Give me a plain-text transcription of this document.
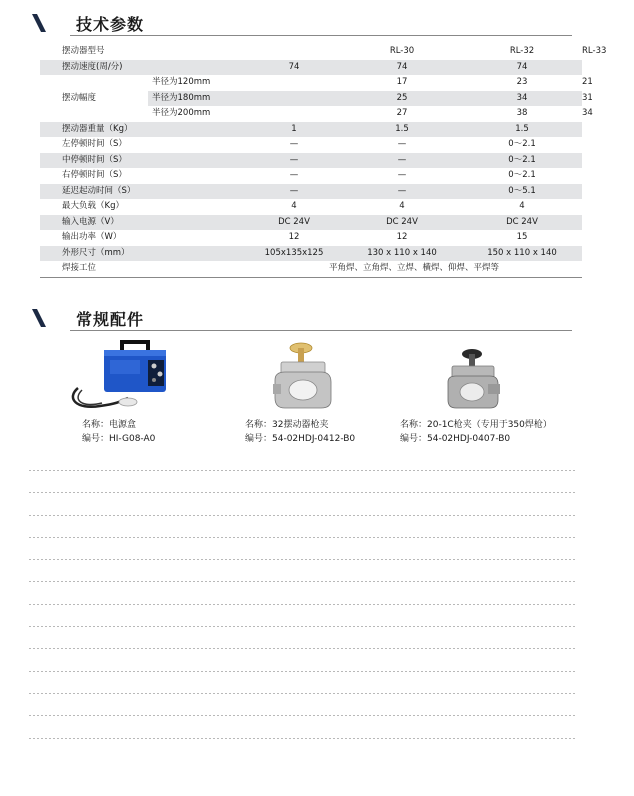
技术参数
摆动器型号			RL-30	RL-32	RL-33
摆动速度(周/分)		74	74	74	
摆动幅度	半径为120mm		17	23	21
	半径为180mm		25	34	31
	半径为200mm		27	38	34
摆动器重量（Kg）		1	1.5	1.5	
左停顿时间（S）		—	—	0～2.1	
中停顿时间（S）		—	—	0～2.1	
右停顿时间（S）		—	—	0～2.1	
延迟起动时间（S）		—	—	0～5.1	
最大负载（Kg）		4	4	4	
输入电源（V）		DC 24V	DC 24V	DC 24V	
输出功率（W）		12	12	15	
外形尺寸（mm）		105x135x125	130 x 110 x 140	150 x 110 x 140	
焊接工位		平角焊、立角焊、立焊、横焊、仰焊、平焊等			
常规配件
名称：电源盒
编号：HI-G08-A0
名称：32摆动器枪夹
编号：54-02HDJ-0412-B0
名称：20-1C枪夹（专用于350焊枪）
编号：54-02HDJ-0407-B0
